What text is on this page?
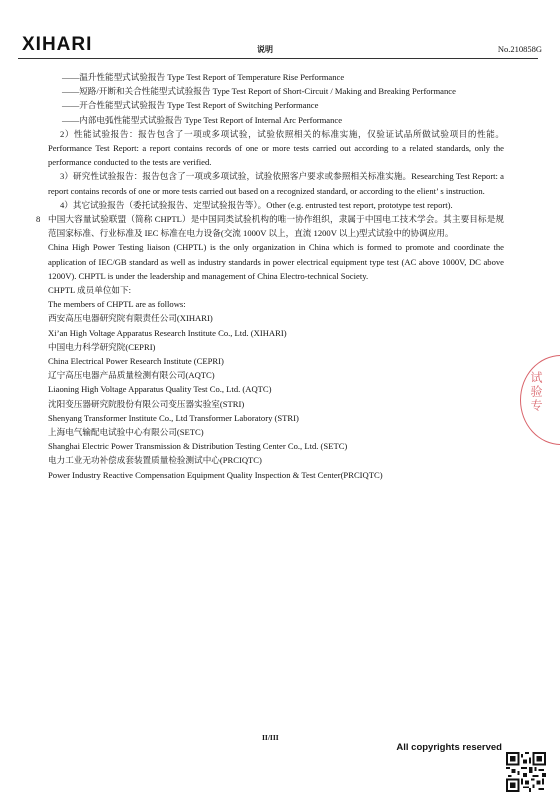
XIHARI	说明	No.210858G

——温升性能型式试验报告 Type Test Report of Temperature Rise Performance

——短路/开断和关合性能型式试验报告 Type Test Report of Short-Circuit / Making and Breaking Performance

——开合性能型式试验报告 Type Test Report of Switching Performance

——内部电弧性能型式试验报告 Type Test Report of Internal Arc Performance

2）性能试验报告：报告包含了一项或多项试验，试验依照相关的标准实施，仅验证试品所做试验项目的性能。Performance Test Report: a report contains records of one or more tests carried out according to a related standards, only the performance conducted to the tests are verified.

3）研究性试验报告：报告包含了一项或多项试验，试验依照客户要求或参照相关标准实施。Researching Test Report: a report contains records of one or more tests carried out based on a recognized standard, or according to the elient’ s instruction.

4）其它试验报告（委托试验报告、定型试验报告等）。Other (e.g. entrusted test report, prototype test report).

8 中国大容量试验联盟（简称 CHPTL）是中国同类试验机构的唯一协作组织，隶属于中国电工技术学会。其主要目标是规范国家标准、行业标准及 IEC 标准在电力设备(交流 1000V 以上，直流 1200V 以上)型式试验中的协调应用。

China High Power Testing liaison (CHPTL) is the only organization in China which is formed to promote and coordinate the application of IEC/GB standard as well as industry standards in power electrical equipment type test (AC above 1000V, DC above 1200V). CHPTL is under the leadership and management of China Electro-technical Society.

CHPTL 成员单位如下:

The members of CHPTL are as follows:

西安高压电器研究院有限责任公司(XIHARI)

Xi’an High Voltage Apparatus Research Institute Co., Ltd. (XIHARI)

中国电力科学研究院(CEPRI)

China Electrical Power Research Institute (CEPRI)

辽宁高压电器产品质量检测有限公司(AQTC)

Liaoning High Voltage Apparatus Quality Test Co., Ltd. (AQTC)

沈阳变压器研究院股份有限公司变压器实验室(STRI)

Shenyang Transformer Institute Co., Ltd Transformer Laboratory (STRI)

上海电气输配电试验中心有限公司(SETC)

Shanghai Electric Power Transmission & Distribution Testing Center Co., Ltd. (SETC)

电力工业无功补偿成套装置质量检验测试中心(PRCIQTC)

Power Industry Reactive Compensation Equipment Quality Inspection & Test Center(PRCIQTC)

试验专
II/III
All copyrights reserved
